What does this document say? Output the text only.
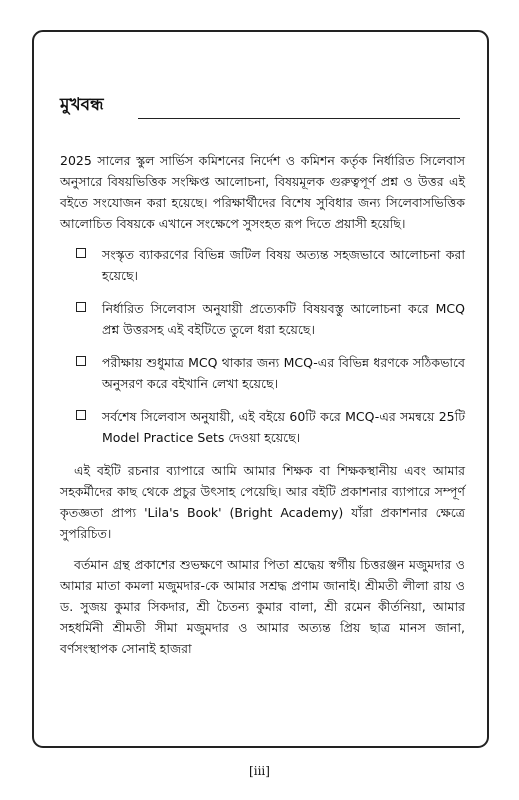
মুখবন্ধ

2025 সালের স্কুল সার্ভিস কমিশনের নির্দেশ ও কমিশন কর্তৃক নির্ধারিত সিলেবাস অনুসারে বিষয়ভিত্তিক সংক্ষিপ্ত আলোচনা, বিষয়মূলক গুরুত্বপূর্ণ প্রশ্ন ও উত্তর এই বইতে সংযোজন করা হয়েছে। পরিক্ষার্থীদের বিশেষ সুবিধার জন্য সিলেবাসভিত্তিক আলোচিত বিষয়কে এখানে সংক্ষেপে সুসংহত রূপ দিতে প্রয়াসী হয়েছি।

সংস্কৃত ব্যাকরণের বিভিন্ন জটিল বিষয় অত্যন্ত সহজভাবে আলোচনা করা হয়েছে।
নির্ধারিত সিলেবাস অনুযায়ী প্রত্যেকটি বিষয়বস্তু আলোচনা করে MCQ প্রশ্ন উত্তরসহ এই বইটিতে তুলে ধরা হয়েছে।
পরীক্ষায় শুধুমাত্র MCQ থাকার জন্য MCQ-এর বিভিন্ন ধরণকে সঠিকভাবে অনুসরণ করে বইখানি লেখা হয়েছে।
সর্বশেষ সিলেবাস অনুযায়ী, এই বইয়ে 60টি করে MCQ-এর সমন্বয়ে 25টি Model Practice Sets দেওয়া হয়েছে।

এই বইটি রচনার ব্যাপারে আমি আমার শিক্ষক বা শিক্ষকস্থানীয় এবং আমার সহকর্মীদের কাছ থেকে প্রচুর উৎসাহ পেয়েছি। আর বইটি প্রকাশনার ব্যাপারে সম্পূর্ণ কৃতজ্ঞতা প্রাপ্য 'Lila's Book' (Bright Academy) যাঁরা প্রকাশনার ক্ষেত্রে সুপরিচিত।

বর্তমান গ্রন্থ প্রকাশের শুভক্ষণে আমার পিতা শ্রদ্ধেয় স্বর্গীয় চিত্তরঞ্জন মজুমদার ও আমার মাতা কমলা মজুমদার-কে আমার সশ্রদ্ধ প্রণাম জানাই। শ্রীমতী লীলা রায় ও ড. সুজয় কুমার সিকদার, শ্রী চৈতন্য কুমার বালা, শ্রী রমেন কীর্তনিয়া, আমার সহধর্মিনী শ্রীমতী সীমা মজুমদার ও আমার অত্যন্ত প্রিয় ছাত্র মানস জানা, বর্ণসংস্থাপক সোনাই হাজরা

[iii]
